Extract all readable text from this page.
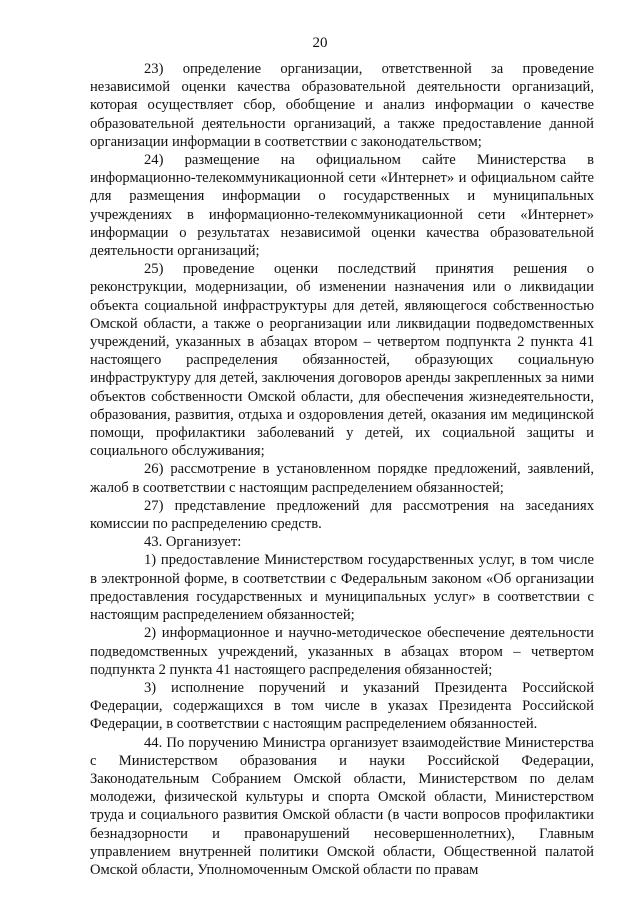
20

23) определение организации, ответственной за проведение независимой оценки качества образовательной деятельности организаций, которая осуществляет сбор, обобщение и анализ информации о качестве образовательной деятельности организаций, а также предоставление данной организации информации в соответствии с законодательством;

24) размещение на официальном сайте Министерства в информационно-телекоммуникационной сети «Интернет» и официальном сайте для размещения информации о государственных и муниципальных учреждениях в информационно-телекоммуникационной сети «Интернет» информации о результатах независимой оценки качества образовательной деятельности организаций;

25) проведение оценки последствий принятия решения о реконструкции, модернизации, об изменении назначения или о ликвидации объекта социальной инфраструктуры для детей, являющегося собственностью Омской области, а также о реорганизации или ликвидации подведомственных учреждений, указанных в абзацах втором – четвертом подпункта 2 пункта 41 настоящего распределения обязанностей, образующих социальную инфраструктуру для детей, заключения договоров аренды закрепленных за ними объектов собственности Омской области, для обеспечения жизнедеятельности, образования, развития, отдыха и оздоровления детей, оказания им медицинской помощи, профилактики заболеваний у детей, их социальной защиты и социального обслуживания;

26) рассмотрение в установленном порядке предложений, заявлений, жалоб в соответствии с настоящим распределением обязанностей;

27) представление предложений для рассмотрения на заседаниях комиссии по распределению средств.

43. Организует:

1) предоставление Министерством государственных услуг, в том числе в электронной форме, в соответствии с Федеральным законом «Об организации предоставления государственных и муниципальных услуг» в соответствии с настоящим распределением обязанностей;

2) информационное и научно-методическое обеспечение деятельности подведомственных учреждений, указанных в абзацах втором – четвертом подпункта 2 пункта 41 настоящего распределения обязанностей;

3) исполнение поручений и указаний Президента Российской Федерации, содержащихся в том числе в указах Президента Российской Федерации, в соответствии с настоящим распределением обязанностей.

44. По поручению Министра организует взаимодействие Министерства с Министерством образования и науки Российской Федерации, Законодательным Собранием Омской области, Министерством по делам молодежи, физической культуры и спорта Омской области, Министерством труда и социального развития Омской области (в части вопросов профилактики безнадзорности и правонарушений несовершеннолетних), Главным управлением внутренней политики Омской области, Общественной палатой Омской области, Уполномоченным Омской области по правам
